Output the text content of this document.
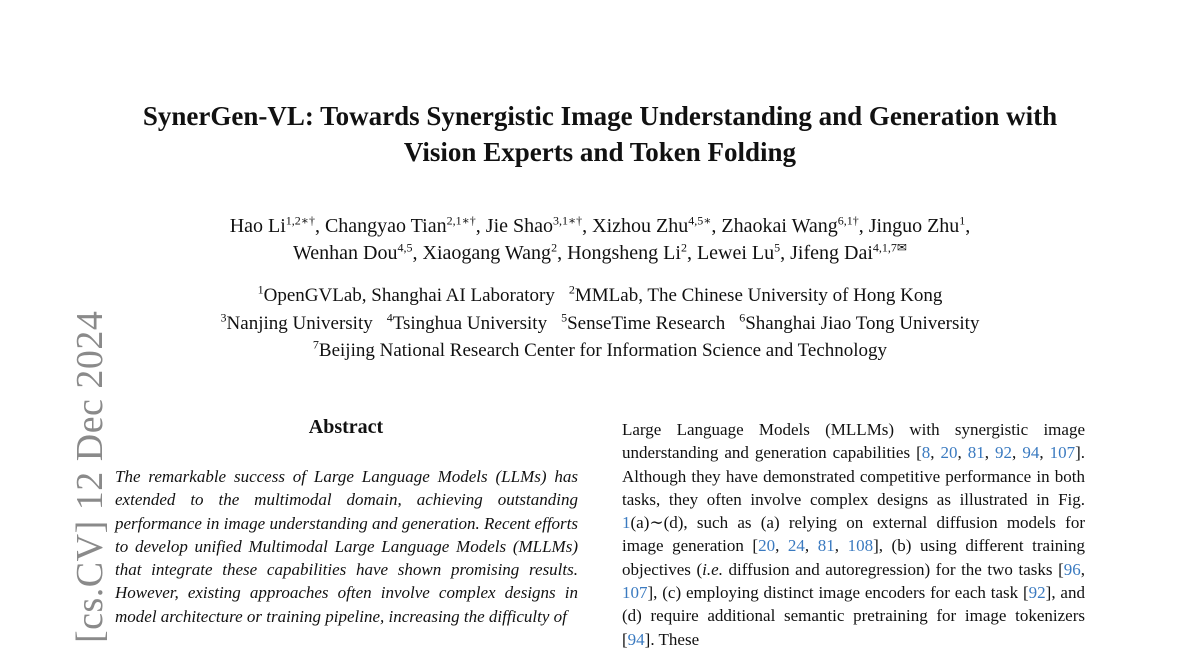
[cs.CV] 12 Dec 2024
SynerGen-VL: Towards Synergistic Image Understanding and Generation with
Vision Experts and Token Folding
Hao $Li^{1,2∗\dagger}$, Changyao Tian$^{2,1∗\dagger}$, Jie Shao$^{3,1∗\dagger}$, Xizhou Zhu$^{4,5∗}$, Zhaokai Wang$^{6,1\dagger}$, Jinguo Zhu$^1$,
Wenhan Dou$^{4,5}$, Xiaogang Wang$^2$, Hongsheng Li$^2$, Lewei Lu$^5$, Jifeng Dai$^{4,1,7✉}$
$^1$OpenGVLab, Shanghai AI Laboratory $^2$MMLab, The Chinese University of Hong Kong
$^3$Nanjing University $^4$Tsinghua University $^5$SenseTime Research $^6$Shanghai Jiao Tong University
$^7$Beijing National Research Center for Information Science and Technology
Abstract
The remarkable success of Large Language Models (LLMs) has extended to the multimodal domain, achieving outstanding performance in image understanding and generation. Recent efforts to develop unified Multimodal Large Language Models (MLLMs) that integrate these capabilities have shown promising results. However, existing approaches often involve complex designs in model architecture or training pipeline, increasing the difficulty of
Large Language Models (MLLMs) with synergistic image understanding and generation capabilities [8, 20, 81, 92, 94, 107]. Although they have demonstrated competitive performance in both tasks, they often involve complex designs as illustrated in Fig. 1(a)∼(d), such as (a) relying on external diffusion models for image generation [20, 24, 81, 108], (b) using different training objectives (i.e. diffusion and autoregression) for the two tasks [96, 107], (c) employing distinct image encoders for each task [92], and (d) require additional semantic pretraining for image tokenizers [94]. These
